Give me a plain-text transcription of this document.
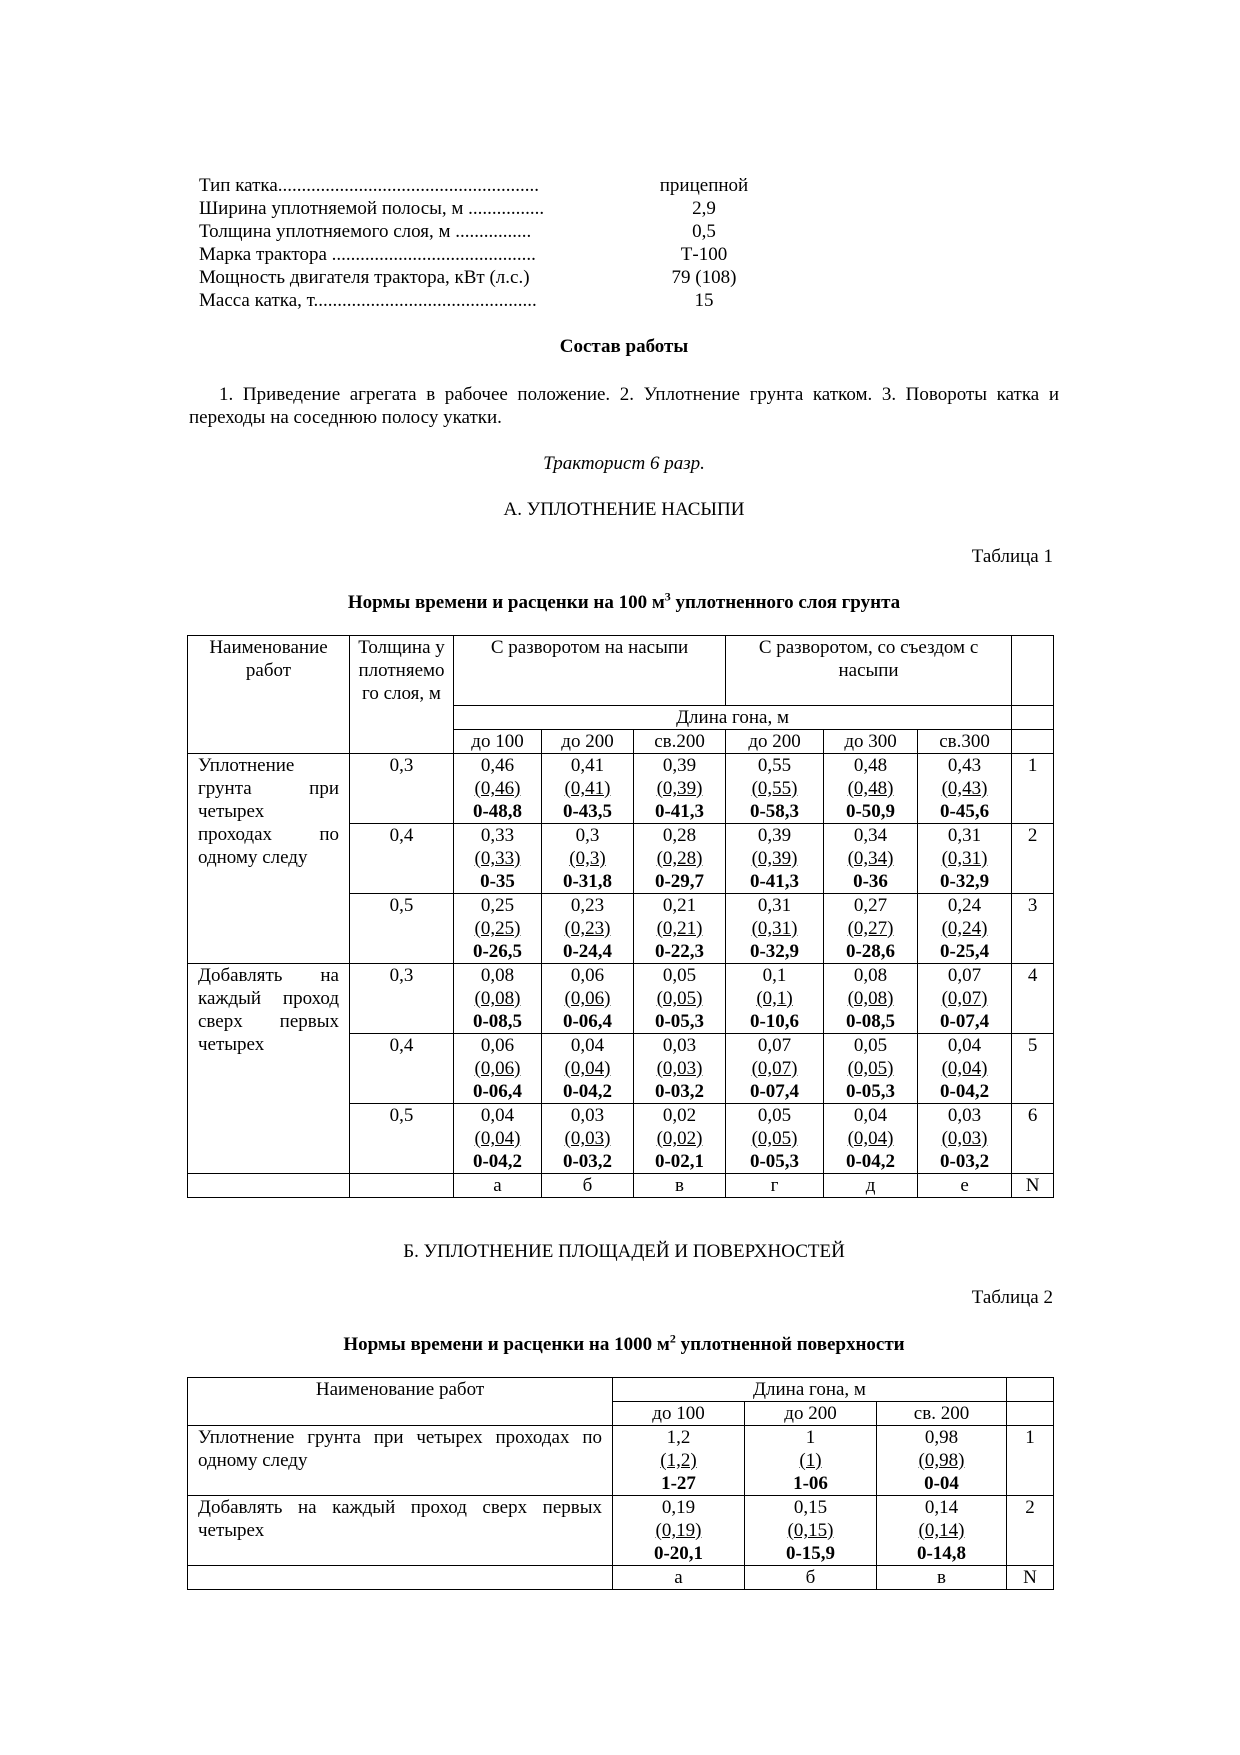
Тип катка.......................................................	прицепной
Ширина уплотняемой полосы, м ................	2,9
Толщина уплотняемого слоя, м ................	0,5
Марка трактора ...........................................	Т-100
Мощность двигателя трактора, кВт (л.с.)	79 (108)
Масса катка, т...............................................	15
Состав работы
1. Приведение агрегата в рабочее положение. 2. Уплотнение грунта катком. 3. Повороты катка и переходы на соседнюю полосу укатки.
Тракторист 6 разр.
А. УПЛОТНЕНИЕ НАСЫПИ
Таблица 1
Нормы времени и расценки на 100 $м^3$ уплотненного слоя грунта
Наименование работ	Толщина уплотняемого слоя, м	С разворотом на насыпи			С разворотом, со съездом с насыпи			
		Длина гона, м						
		до 100	до 200	св.200	до 200	до 300	св.300	
Уплотнение грунта при четырех проходах по одному следу	0,3	0,46
(0,46)
0-48,8	0,41
(0,41)
0-43,5	0,39
(0,39)
0-41,3	0,55
(0,55)
0-58,3	0,48
(0,48)
0-50,9	0,43
(0,43)
0-45,6	1
	0,4	0,33
(0,33)
0-35	0,3
(0,3)
0-31,8	0,28
(0,28)
0-29,7	0,39
(0,39)
0-41,3	0,34
(0,34)
0-36	0,31
(0,31)
0-32,9	2
	0,5	0,25
(0,25)
0-26,5	0,23
(0,23)
0-24,4	0,21
(0,21)
0-22,3	0,31
(0,31)
0-32,9	0,27
(0,27)
0-28,6	0,24
(0,24)
0-25,4	3
Добавлять на каждый проход сверх первых четырех	0,3	0,08
(0,08)
0-08,5	0,06
(0,06)
0-06,4	0,05
(0,05)
0-05,3	0,1
(0,1)
0-10,6	0,08
(0,08)
0-08,5	0,07
(0,07)
0-07,4	4
	0,4	0,06
(0,06)
0-06,4	0,04
(0,04)
0-04,2	0,03
(0,03)
0-03,2	0,07
(0,07)
0-07,4	0,05
(0,05)
0-05,3	0,04
(0,04)
0-04,2	5
	0,5	0,04
(0,04)
0-04,2	0,03
(0,03)
0-03,2	0,02
(0,02)
0-02,1	0,05
(0,05)
0-05,3	0,04
(0,04)
0-04,2	0,03
(0,03)
0-03,2	6
		а	б	в	г	д	е	N
Б. УПЛОТНЕНИЕ ПЛОЩАДЕЙ И ПОВЕРХНОСТЕЙ
Таблица 2
Нормы времени и расценки на 1000 $м^2$ уплотненной поверхности
Наименование работ	Длина гона, м			
	до 100	до 200	св. 200	
Уплотнение грунта при четырех проходах по одному следу	1,2
(1,2)
1-27	1
(1)
1-06	0,98
(0,98)
0-04	1
Добавлять на каждый проход сверх первых четырех	0,19
(0,19)
0-20,1	0,15
(0,15)
0-15,9	0,14
(0,14)
0-14,8	2
	а	б	в	N
